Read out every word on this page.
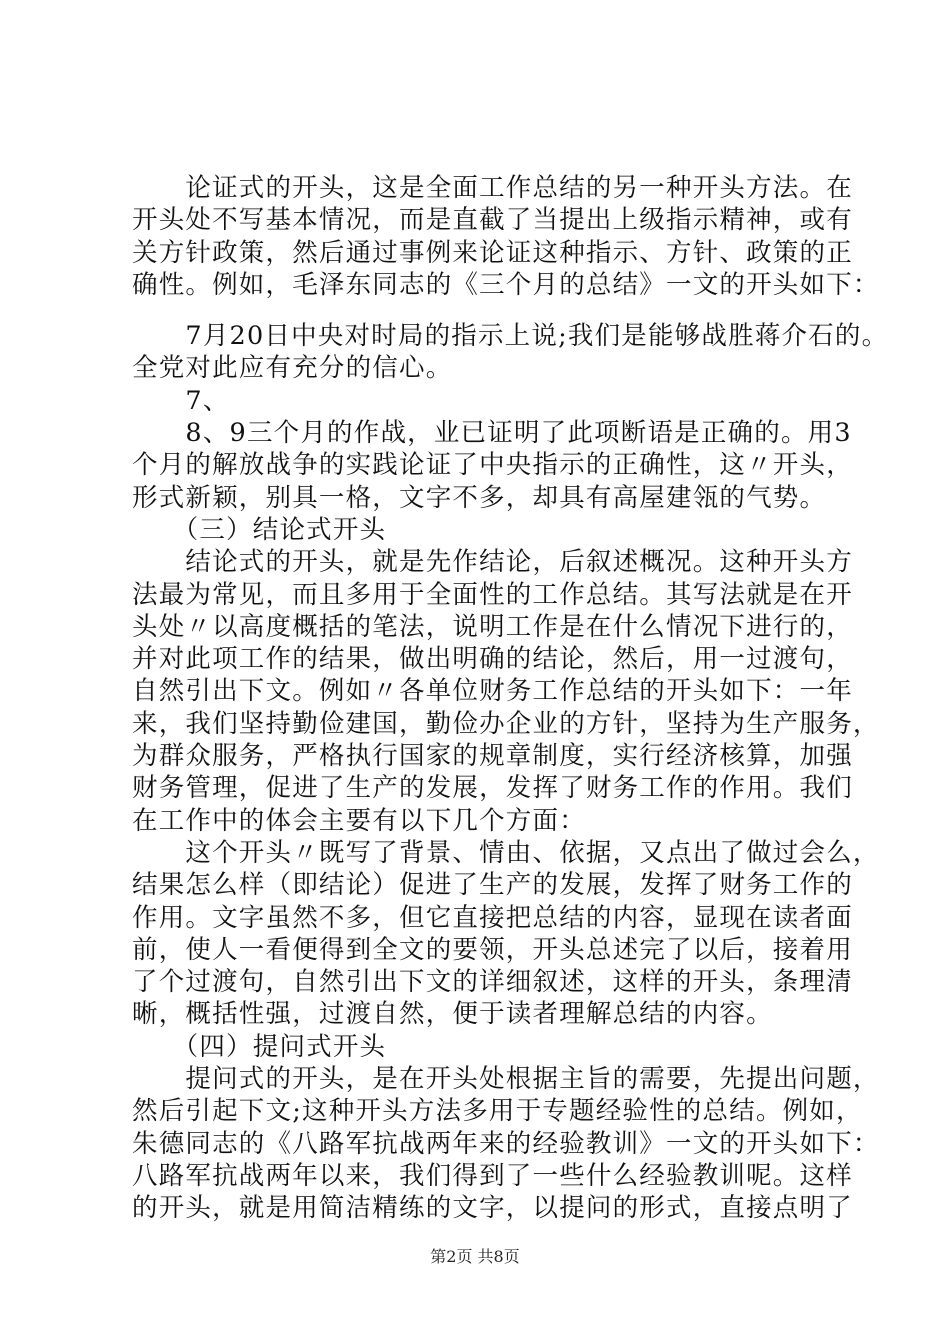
　　论证式的开头，这是全面工作总结的另一种开头方法。在
开头处不写基本情况，而是直截了当提出上级指示精神，或有
关方针政策，然后通过事例来论证这种指示、方针、政策的正
确性。例如，毛泽东同志的《三个月的总结》一文的开头如下：
　　7月20日中央对时局的指示上说;我们是能够战胜蒋介石的。
全党对此应有充分的信心。
　　7、
　　8、9三个月的作战，业已证明了此项断语是正确的。用3
个月的解放战争的实践论证了中央指示的正确性，这〃开头，
形式新颖，别具一格，文字不多，却具有高屋建瓴的气势。
　　（三）结论式开头
　　结论式的开头，就是先作结论，后叙述概况。这种开头方
法最为常见，而且多用于全面性的工作总结。其写法就是在开
头处〃以高度概括的笔法，说明工作是在什么情况下进行的，
并对此项工作的结果，做出明确的结论，然后，用一过渡句，
自然引出下文。例如〃各单位财务工作总结的开头如下：一年
来，我们坚持勤俭建国，勤俭办企业的方针，坚持为生产服务，
为群众服务，严格执行国家的规章制度，实行经济核算，加强
财务管理，促进了生产的发展，发挥了财务工作的作用。我们
在工作中的体会主要有以下几个方面：
　　这个开头〃既写了背景、情由、依据，又点出了做过会么，
结果怎么样（即结论）促进了生产的发展，发挥了财务工作的
作用。文字虽然不多，但它直接把总结的内容，显现在读者面
前，使人一看便得到全文的要领，开头总述完了以后，接着用
了个过渡句，自然引出下文的详细叙述，这样的开头，条理清
晰，概括性强，过渡自然，便于读者理解总结的内容。
　　（四）提问式开头
　　提问式的开头，是在开头处根据主旨的需要，先提出问题，
然后引起下文;这种开头方法多用于专题经验性的总结。例如，
朱德同志的《八路军抗战两年来的经验教训》一文的开头如下：
八路军抗战两年以来，我们得到了一些什么经验教训呢。这样
的开头，就是用简洁精练的文字，以提问的形式，直接点明了
第2页 共8页
